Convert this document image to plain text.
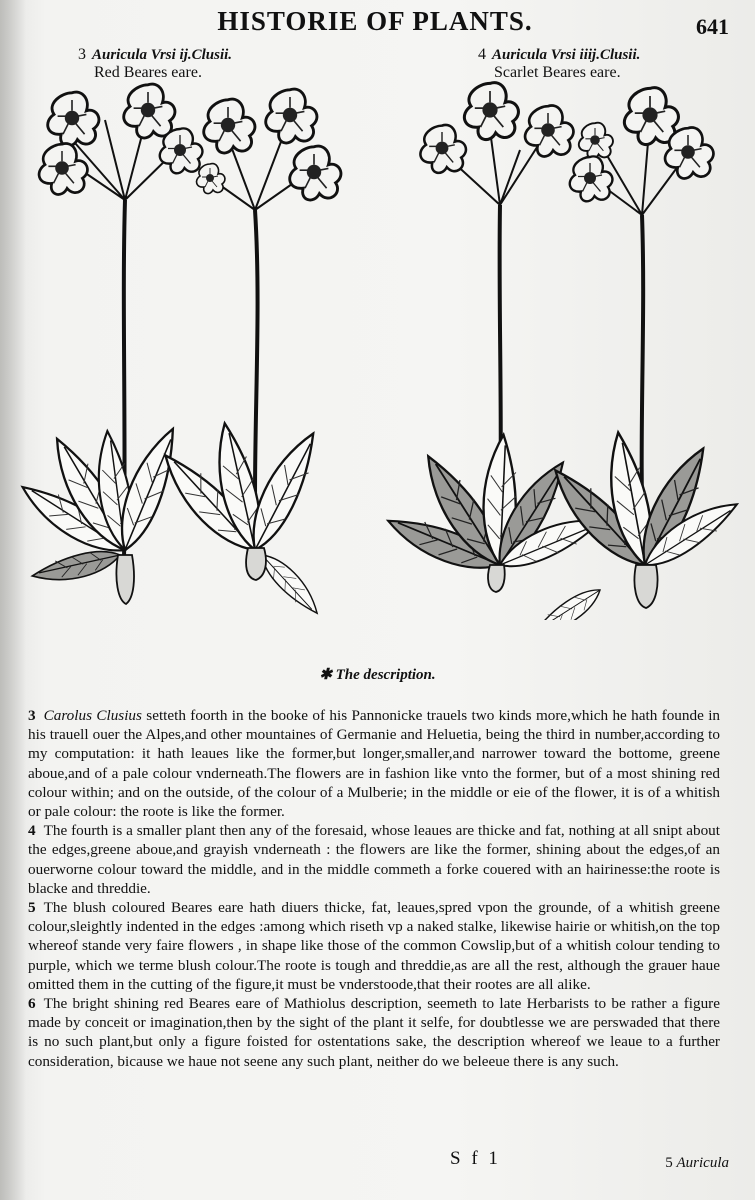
HISTORIE OF PLANTS.	641
3 Auricula Vrsi ij.Clusii.
Red Beares eare.
4 Auricula Vrsi iiij.Clusii.
Scarlet Beares eare.
✱ The description.

3 Carolus Clusius setteth foorth in the booke of his Pannonicke trauels two kinds more,which he hath founde in his trauell ouer the Alpes,and other mountaines of Germanie and Heluetia, being the third in number,according to my computation: it hath leaues like the former,but longer,smaller,and narrower toward the bottome, greene aboue,and of a pale colour vnderneath.The flowers are in fashion like vnto the former, but of a most shining red colour within; and on the outside, of the colour of a Mulberie; in the middle or eie of the flower, it is of a whitish or pale colour: the roote is like the former.

4 The fourth is a smaller plant then any of the foresaid, whose leaues are thicke and fat, nothing at all snipt about the edges,greene aboue,and grayish vnderneath : the flowers are like the former, shining about the edges,of an ouerworne colour toward the middle, and in the middle commeth a forke couered with an hairinesse:the roote is blacke and threddie.

5 The blush coloured Beares eare hath diuers thicke, fat, leaues,spred vpon the grounde, of a whitish greene colour,sleightly indented in the edges :among which riseth vp a naked stalke, likewise hairie or whitish,on the top whereof stande very faire flowers , in shape like those of the common Cowslip,but of a whitish colour tending to purple, which we terme blush colour.The roote is tough and threddie,as are all the rest, although the grauer haue omitted them in the cutting of the figure,it must be vnderstoode,that their rootes are all alike.

6 The bright shining red Beares eare of Mathiolus description, seemeth to late Herbarists to be rather a figure made by conceit or imagination,then by the sight of the plant it selfe, for doubtlesse we are perswaded that there is no such plant,but only a figure foisted for ostentations sake, the description whereof we leaue to a further consideration, bicause we haue not seene any such plant, neither do we beleeue there is any such.

S f 1	5 Auricula
